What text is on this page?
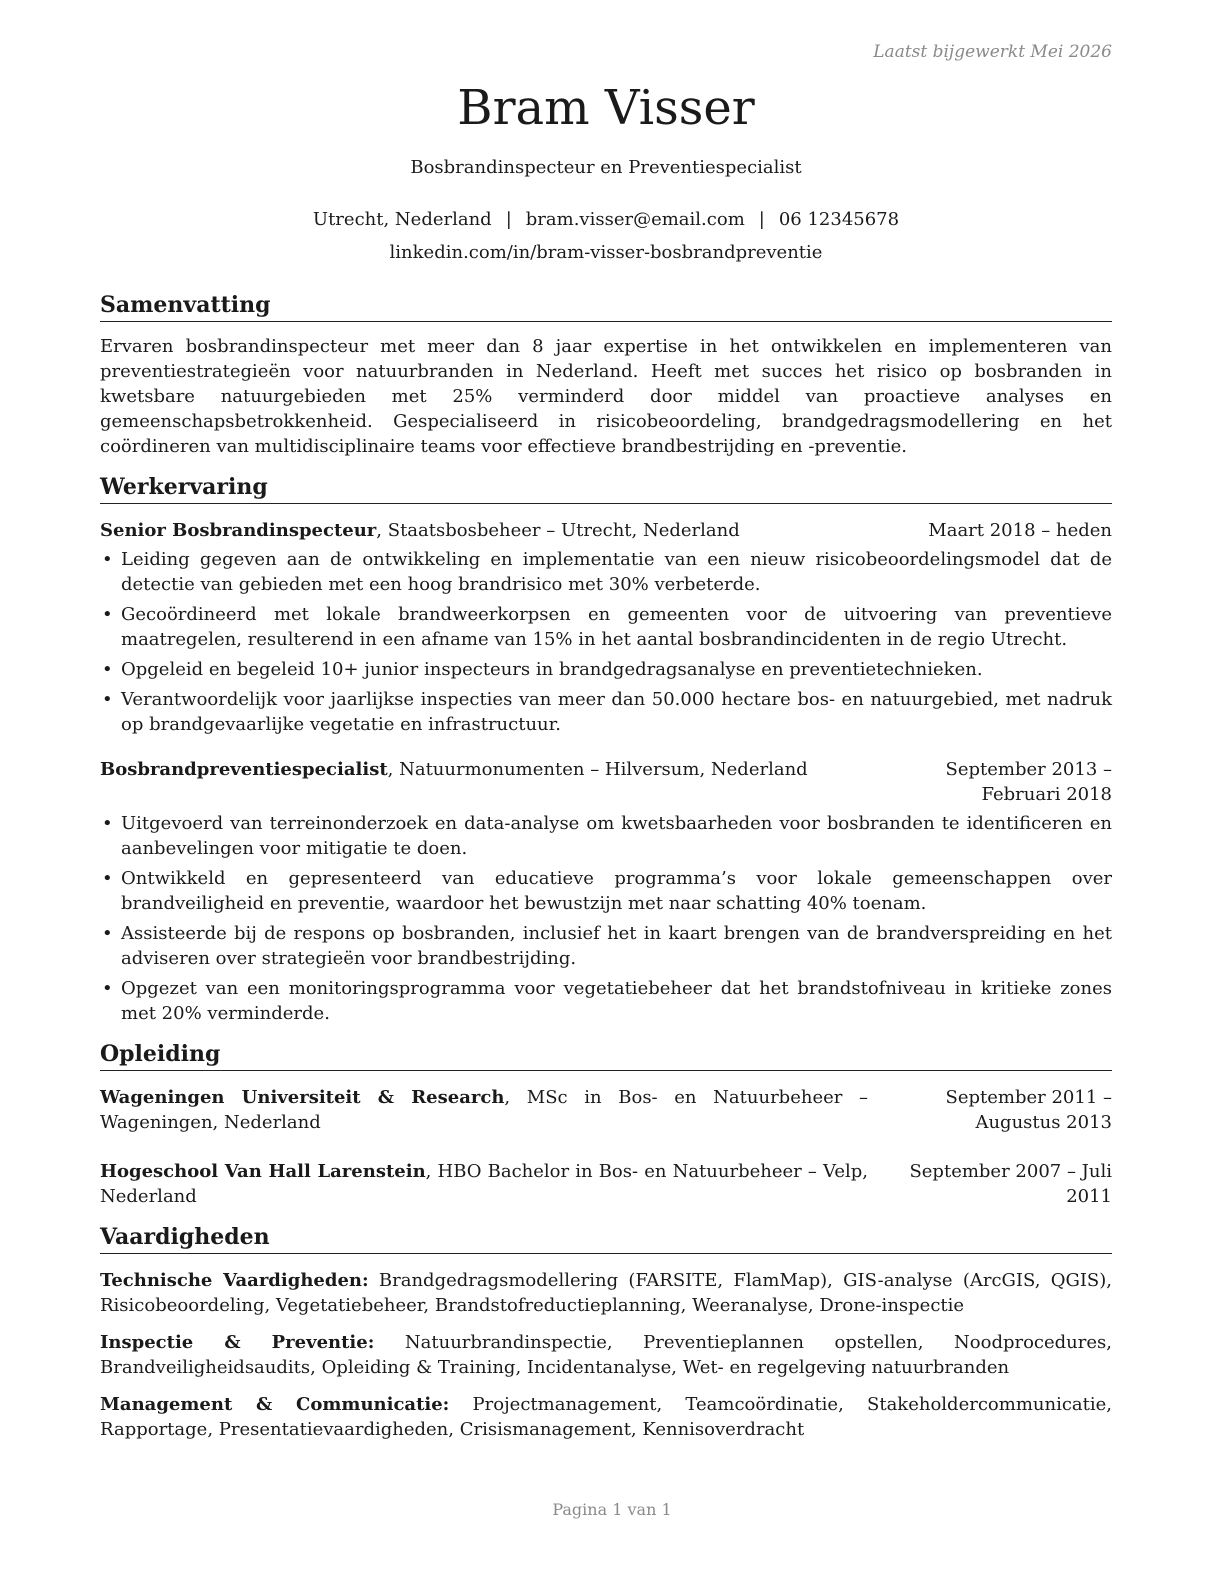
Laatst bijgewerkt Mei 2026

Bram Visser
Bosbrandinspecteur en Preventiespecialist
Utrecht, Nederland | bram.visser@email.com | 06 12345678
linkedin.com/in/bram-visser-bosbrandpreventie
Samenvatting

Ervaren bosbrandinspecteur met meer dan 8 jaar expertise in het ontwikkelen en implementeren van preventiestrategieën voor natuurbranden in Nederland. Heeft met succes het risico op bosbranden in kwetsbare natuurgebieden met 25% verminderd door middel van proactieve analyses en gemeenschapsbetrokkenheid. Gespecialiseerd in risicobeoordeling, brandgedragsmodellering en het coördineren van multidisciplinaire teams voor effectieve brandbestrijding en -preventie.

Werkervaring
Senior Bosbrandinspecteur, Staatsbosbeheer – Utrecht, Nederland	Maart 2018 – heden
• Leiding gegeven aan de ontwikkeling en implementatie van een nieuw risicobeoordelingsmodel dat de detectie van gebieden met een hoog brandrisico met 30% verbeterde.
• Gecoördineerd met lokale brandweerkorpsen en gemeenten voor de uitvoering van preventieve maatregelen, resulterend in een afname van 15% in het aantal bosbrandincidenten in de regio Utrecht.
• Opgeleid en begeleid 10+ junior inspecteurs in brandgedragsanalyse en preventietechnieken.
• Verantwoordelijk voor jaarlijkse inspecties van meer dan 50.000 hectare bos- en natuurgebied, met nadruk op brandgevaarlijke vegetatie en infrastructuur.
Bosbrandpreventiespecialist, Natuurmonumenten – Hilversum, Nederland	September 2013 – Februari 2018
• Uitgevoerd van terreinonderzoek en data-analyse om kwetsbaarheden voor bosbranden te identificeren en aanbevelingen voor mitigatie te doen.
• Ontwikkeld en gepresenteerd van educatieve programma’s voor lokale gemeenschappen over brandveiligheid en preventie, waardoor het bewustzijn met naar schatting 40% toenam.
• Assisteerde bij de respons op bosbranden, inclusief het in kaart brengen van de brandverspreiding en het adviseren over strategieën voor brandbestrijding.
• Opgezet van een monitoringsprogramma voor vegetatiebeheer dat het brandstofniveau in kritieke zones met 20% verminderde.
Opleiding
Wageningen Universiteit & Research, MSc in Bos- en Natuurbeheer – Wageningen, Nederland
September 2011 – Augustus 2013
Hogeschool Van Hall Larenstein, HBO Bachelor in Bos- en Natuurbeheer – Velp, Nederland
September 2007 – Juli 2011
Vaardigheden
Technische Vaardigheden: Brandgedragsmodellering (FARSITE, FlamMap), GIS-analyse (ArcGIS, QGIS), Risicobeoordeling, Vegetatiebeheer, Brandstofreductieplanning, Weeranalyse, Drone-inspectie
Inspectie & Preventie: Natuurbrandinspectie, Preventieplannen opstellen, Noodprocedures, Brandveiligheidsaudits, Opleiding & Training, Incidentanalyse, Wet- en regelgeving natuurbranden
Management & Communicatie: Projectmanagement, Teamcoördinatie, Stakeholdercommunicatie, Rapportage, Presentatievaardigheden, Crisismanagement, Kennisoverdracht
Pagina 1 van 1
